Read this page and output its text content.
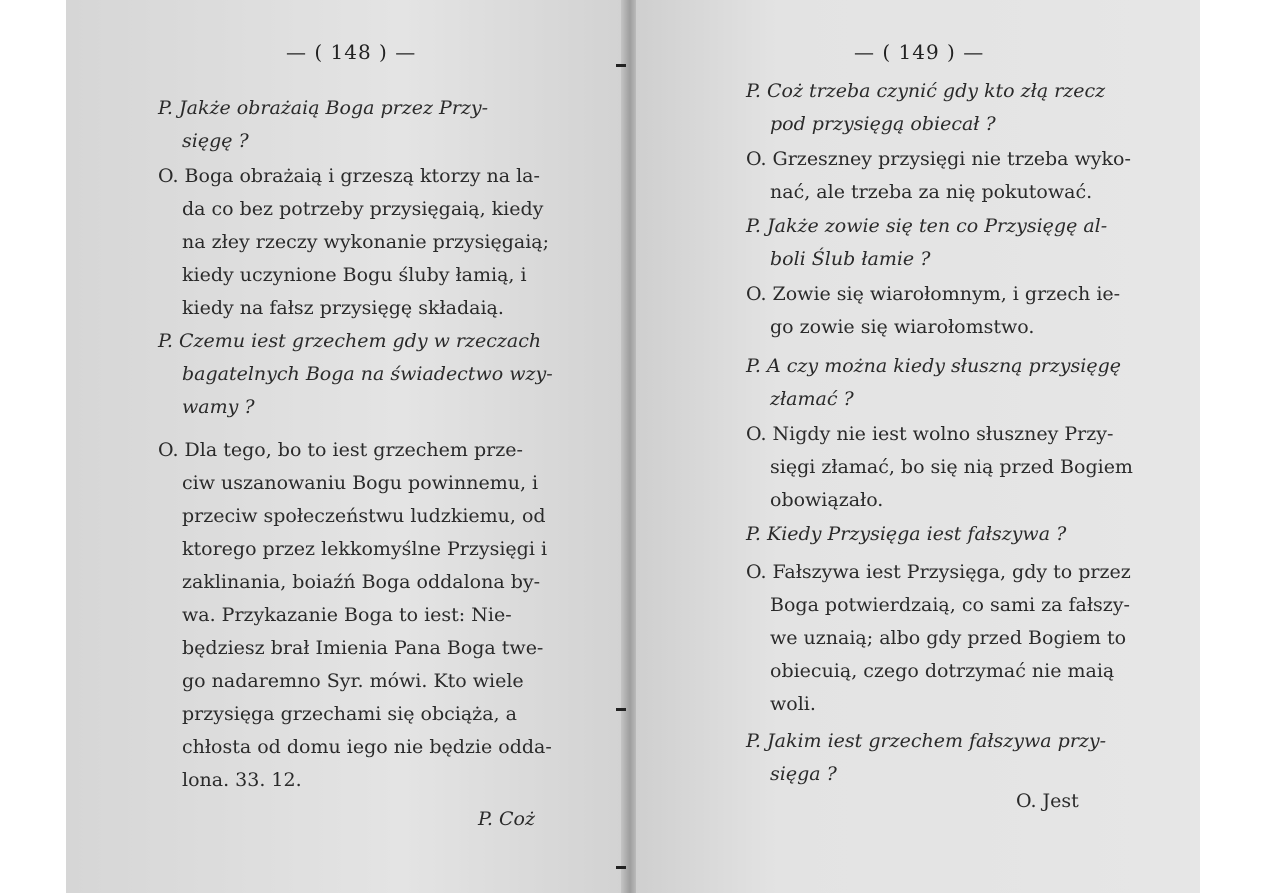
— ( 148 ) —
P. Jakże obrażaią Boga przez Przy-
sięgę ?
O. Boga obrażaią i grzeszą ktorzy na la-
da co bez potrzeby przysięgaią, kiedy
na złey rzeczy wykonanie przysięgaią;
kiedy uczynione Bogu śluby łamią, i
kiedy na fałsz przysięgę składaią.
P. Czemu iest grzechem gdy w rzeczach
bagatelnych Boga na świadectwo wzy-
wamy ?
O. Dla tego, bo to iest grzechem prze-
ciw uszanowaniu Bogu powinnemu, i
przeciw społeczeństwu ludzkiemu, od
ktorego przez lekkomyślne Przysięgi i
zaklinania, boiaźń Boga oddalona by-
wa. Przykazanie Boga to iest: Nie-
będziesz brał Imienia Pana Boga twe-
go nadaremno Syr. mówi. Kto wiele
przysięga grzechami się obciąża, a
chłosta od domu iego nie będzie odda-
lona. 33. 12.
P. Coż
— ( 149 ) —
P. Coż trzeba czynić gdy kto złą rzecz
pod przysięgą obiecał ?
O. Grzeszney przysięgi nie trzeba wyko-
nać, ale trzeba za nię pokutować.
P. Jakże zowie się ten co Przysięgę al-
boli Ślub łamie ?
O. Zowie się wiarołomnym, i grzech ie-
go zowie się wiarołomstwo.
P. A czy można kiedy słuszną przysięgę
złamać ?
O. Nigdy nie iest wolno słuszney Przy-
sięgi złamać, bo się nią przed Bogiem
obowiązało.
P. Kiedy Przysięga iest fałszywa ?
O. Fałszywa iest Przysięga, gdy to przez
Boga potwierdzaią, co sami za fałszy-
we uznaią; albo gdy przed Bogiem to
obiecuią, czego dotrzymać nie maią
woli.
P. Jakim iest grzechem fałszywa przy-
sięga ?
O. Jest
